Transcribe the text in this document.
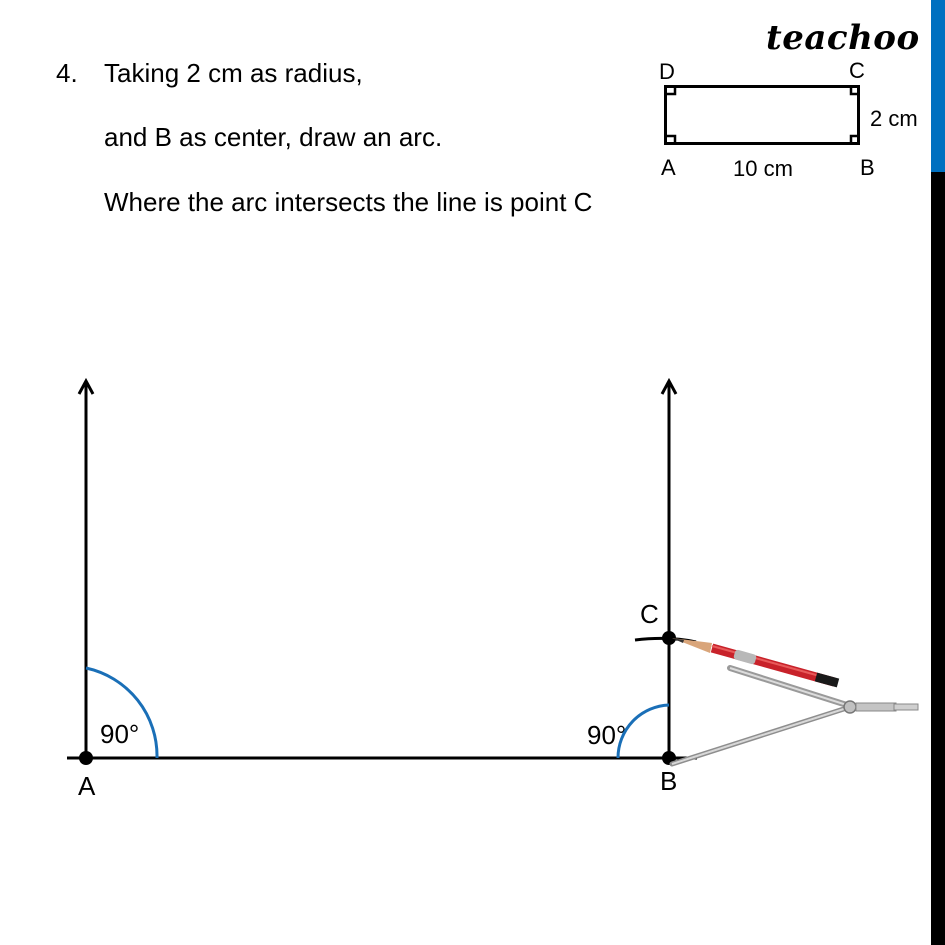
teachoo
4. Taking 2 cm as radius,
and B as center, draw an arc.
Where the arc intersects the line is point C
D	C
A	B
10 cm
2 cm
A	B
C
90°	90°
